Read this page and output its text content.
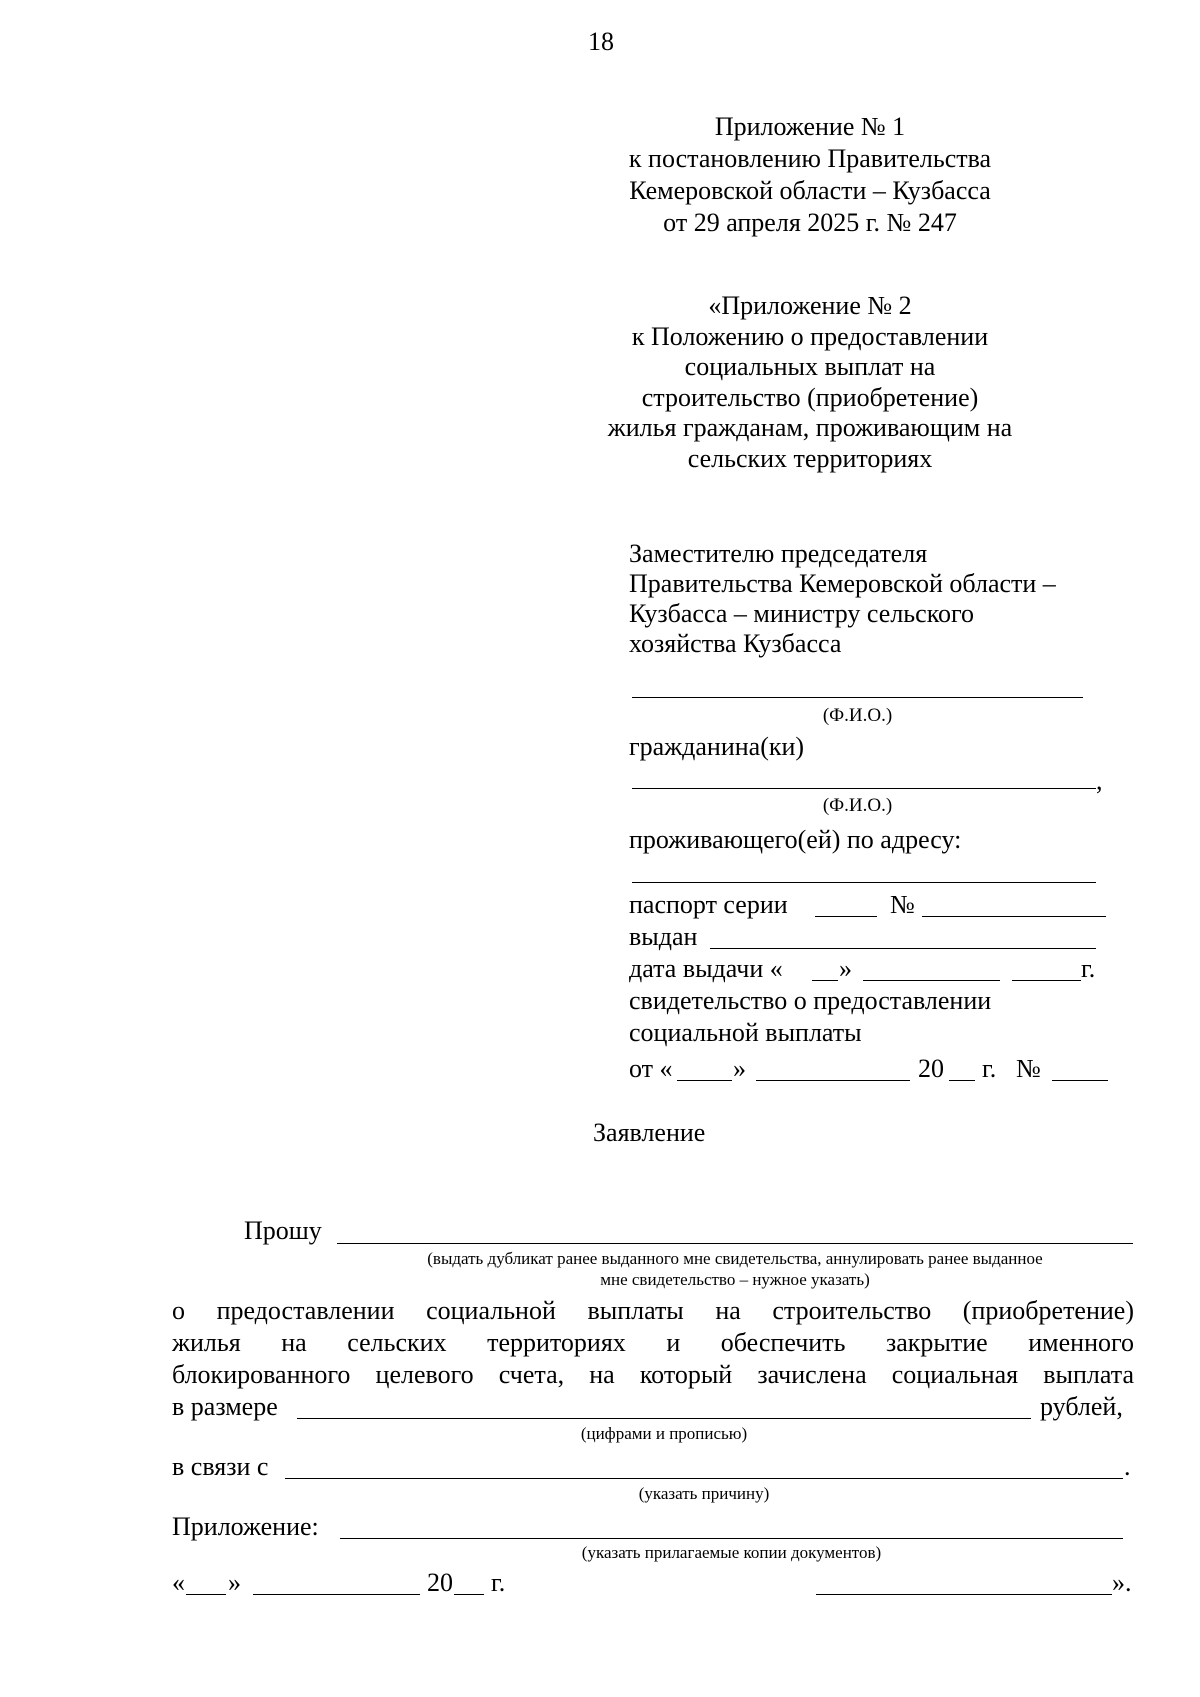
18
Приложение № 1
к постановлению Правительства
Кемеровской области – Кузбасса
от 29 апреля 2025 г. № 247
«Приложение № 2
к Положению о предоставлении
социальных выплат на
строительство (приобретение)
жилья гражданам, проживающим на
сельских территориях
Заместителю председателя
Правительства Кемеровской области –
Кузбасса – министру сельского
хозяйства Кузбасса
(Ф.И.О.)
гражданина(ки)
,
(Ф.И.О.)
проживающего(ей) по адресу:
паспорт серии	№
выдан
дата выдачи « »	г.
свидетельство о предоставлении
социальной выплаты
от « »	20 г. №
Заявление
Прошу
(выдать дубликат ранее выданного мне свидетельства, аннулировать ранее выданное
мне свидетельство – нужное указать)
о предоставлении социальной выплаты на строительство (приобретение)
жилья на сельских территориях и обеспечить закрытие именного
блокированного целевого счета, на который зачислена социальная выплата
в размере	рублей,
(цифрами и прописью)
в связи с	.
(указать причину)
Приложение:
(указать прилагаемые копии документов)
« »	20 г.	».
